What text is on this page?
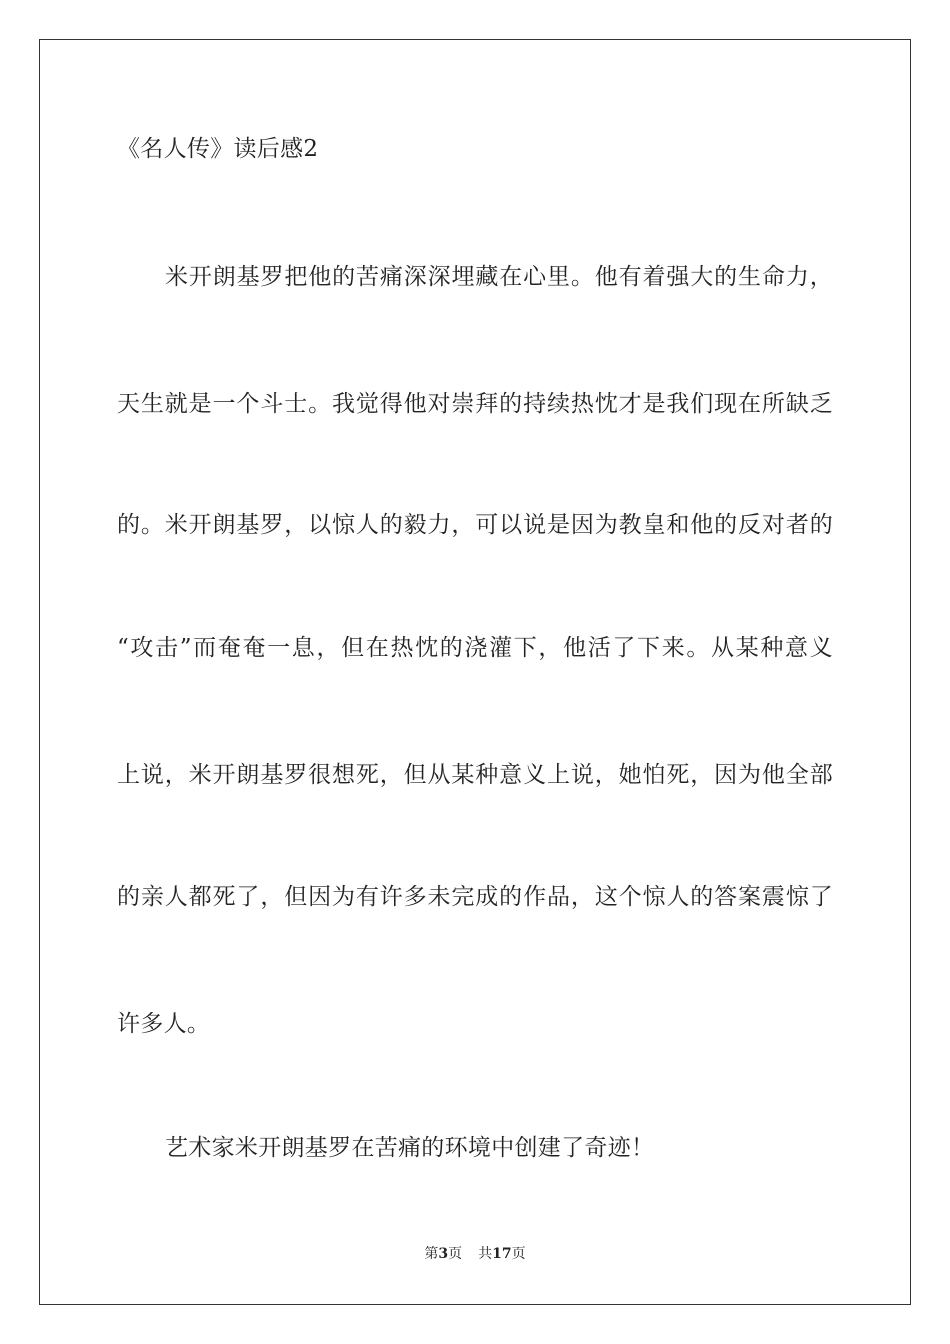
《名人传》读后感2
米开朗基罗把他的苦痛深深埋藏在心里。他有着强大的生命力，
天生就是一个斗士。我觉得他对崇拜的持续热忱才是我们现在所缺乏
的。米开朗基罗，以惊人的毅力，可以说是因为教皇和他的反对者的
“攻击”而奄奄一息，但在热忱的浇灌下，他活了下来。从某种意义
上说，米开朗基罗很想死，但从某种意义上说，她怕死，因为他全部
的亲人都死了，但因为有许多未完成的作品，这个惊人的答案震惊了
许多人。
艺术家米开朗基罗在苦痛的环境中创建了奇迹！
第3页 共17页
